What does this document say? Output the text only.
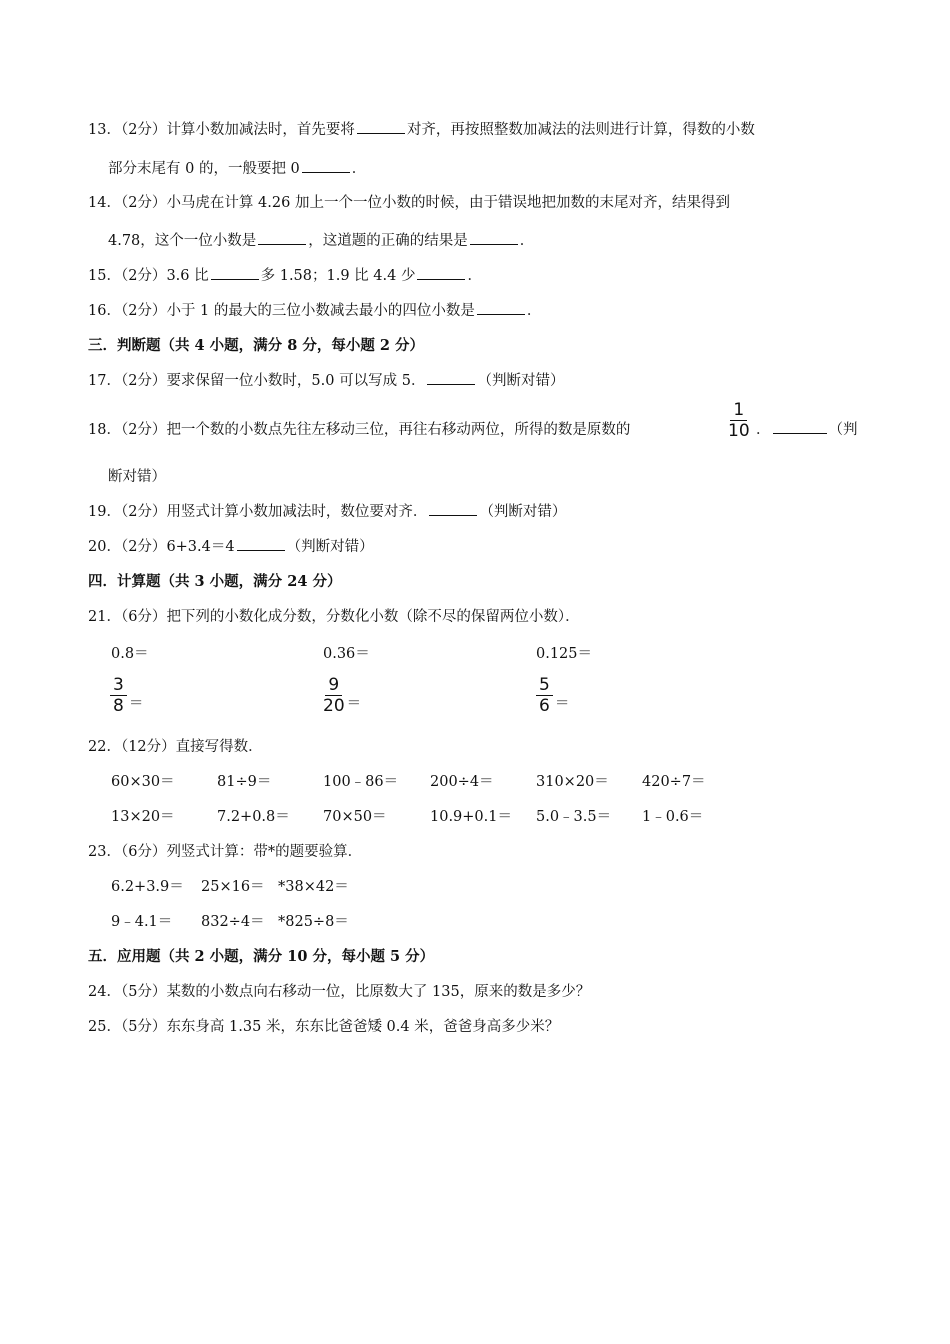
13．（2分）计算小数加减法时，首先要将	对齐，再按照整数加减法的法则进行计算，得数的小数
部分末尾有 0 的，一般要把 0	．
14．（2分）小马虎在计算 4.26 加上一个一位小数的时候，由于错误地把加数的末尾对齐，结果得到
4.78，这个一位小数是	，这道题的正确的结果是	．
15．（2分）3.6 比	多 1.58；1.9 比 4.4 少	．
16．（2分）小于 1 的最大的三位小数减去最小的四位小数是	．
三．判断题（共 4 小题，满分 8 分，每小题 2 分）
17．（2分）要求保留一位小数时，5.0 可以写成 5．	（判断对错）
18．（2分）把一个数的小数点先往左移动三位，再往右移动两位，所得的数是原数的	$\frac{1}{10}$ ．	（判
断对错）
19．（2分）用竖式计算小数加减法时，数位要对齐．	（判断对错）
20．（2分）6+3.4＝4	（判断对错）
四．计算题（共 3 小题，满分 24 分）
21．（6分）把下列的小数化成分数，分数化小数（除不尽的保留两位小数）．
0.8＝	0.36＝	0.125＝
$\frac{3}{8}$ ＝	$\frac{9}{20}$ ＝	$\frac{5}{6}$ ＝
22．（12分）直接写得数．
60×30＝	81÷9＝	100﹣86＝ 200÷4＝	310×20＝ 420÷7＝
13×20＝	7.2+0.8＝ 70×50＝	10.9+0.1＝ 5.0﹣3.5＝ 1﹣0.6＝
23．（6分）列竖式计算：带*的题要验算．
6.2+3.9＝ 25×16＝ *38×42＝
9﹣4.1＝ 832÷4＝ *825÷8＝
五．应用题（共 2 小题，满分 10 分，每小题 5 分）
24．（5分）某数的小数点向右移动一位，比原数大了 135，原来的数是多少？
25．（5分）东东身高 1.35 米，东东比爸爸矮 0.4 米，爸爸身高多少米？
